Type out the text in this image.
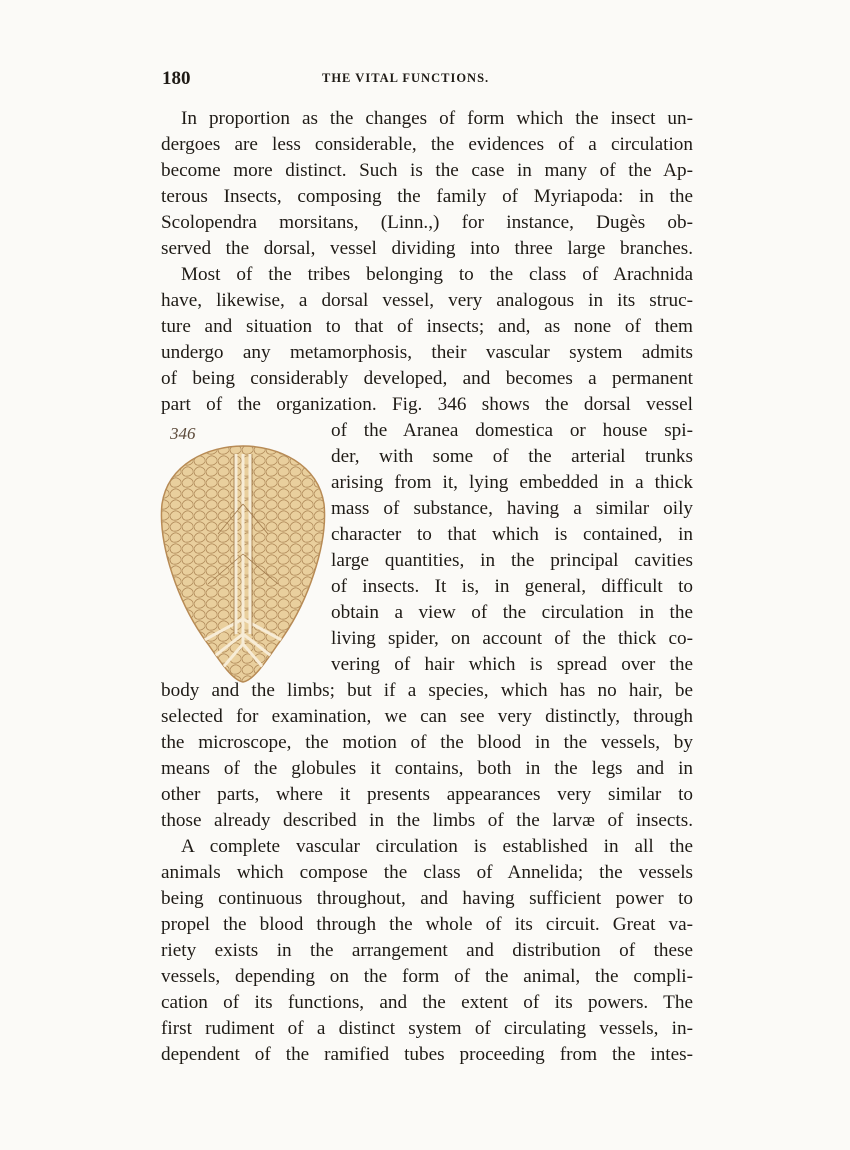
180	THE VITAL FUNCTIONS.
In proportion as the changes of form which the insect un-
dergoes are less considerable, the evidences of a circulation
become more distinct. Such is the case in many of the Ap-
terous Insects, composing the family of Myriapoda: in the
Scolopendra morsitans, (Linn.,) for instance, Dugès ob-
served the dorsal, vessel dividing into three large branches.
Most of the tribes belonging to the class of Arachnida
have, likewise, a dorsal vessel, very analogous in its struc-
ture and situation to that of insects; and, as none of them
undergo any metamorphosis, their vascular system admits
of being considerably developed, and becomes a permanent
part of the organization. Fig. 346 shows the dorsal vessel
346	of the Aranea domestica or house spi-
der, with some of the arterial trunks
arising from it, lying embedded in a thick
mass of substance, having a similar oily
character to that which is contained, in
large quantities, in the principal cavities
of insects. It is, in general, difficult to
obtain a view of the circulation in the
living spider, on account of the thick co-
vering of hair which is spread over the
body and the limbs; but if a species, which has no hair, be
selected for examination, we can see very distinctly, through
the microscope, the motion of the blood in the vessels, by
means of the globules it contains, both in the legs and in
other parts, where it presents appearances very similar to
those already described in the limbs of the larvæ of insects.
A complete vascular circulation is established in all the
animals which compose the class of Annelida; the vessels
being continuous throughout, and having sufficient power to
propel the blood through the whole of its circuit. Great va-
riety exists in the arrangement and distribution of these
vessels, depending on the form of the animal, the compli-
cation of its functions, and the extent of its powers. The
first rudiment of a distinct system of circulating vessels, in-
dependent of the ramified tubes proceeding from the intes-
